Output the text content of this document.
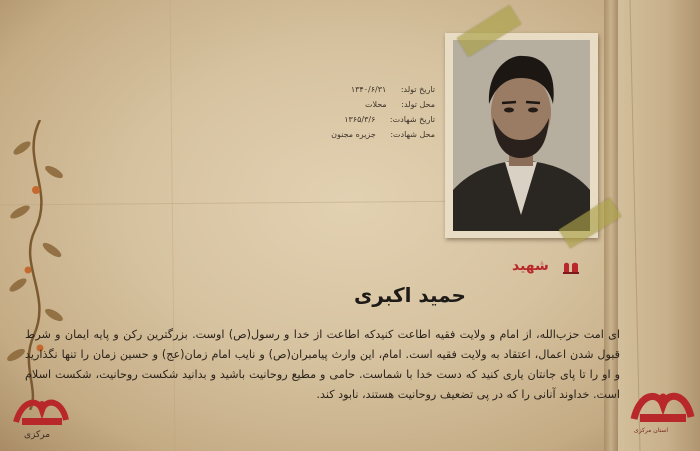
تاریخ تولد: ۱۳۴۰/۶/۳۱
محل تولد: محلات
تاریخ شهادت: ۱۳۶۵/۳/۶
محل شهادت: جزیره مجنون
شهید
حمید اکبری
ای امت حزب‌الله، از امام و ولایت فقیه اطاعت کنیدکه اطاعت از خدا و رسول(ص) اوست. بزرگترین رکن و پایه ایمان و شرط قبول شدن اعمال، اعتقاد به ولایت فقیه است. امام، این وارث پیامبران(ص) و نایب امام زمان(عج) و حسین زمان را تنها نگذارید و او را تا پای جانتان یاری کنید که دست خدا با شماست. حامی و مطیع روحانیت باشید و بدانید شکست روحانیت، شکست اسلام است. خداوند آنانی را که در پی تضعیف روحانیت هستند، نابود کند.
مرکزی	استان مرکزی
